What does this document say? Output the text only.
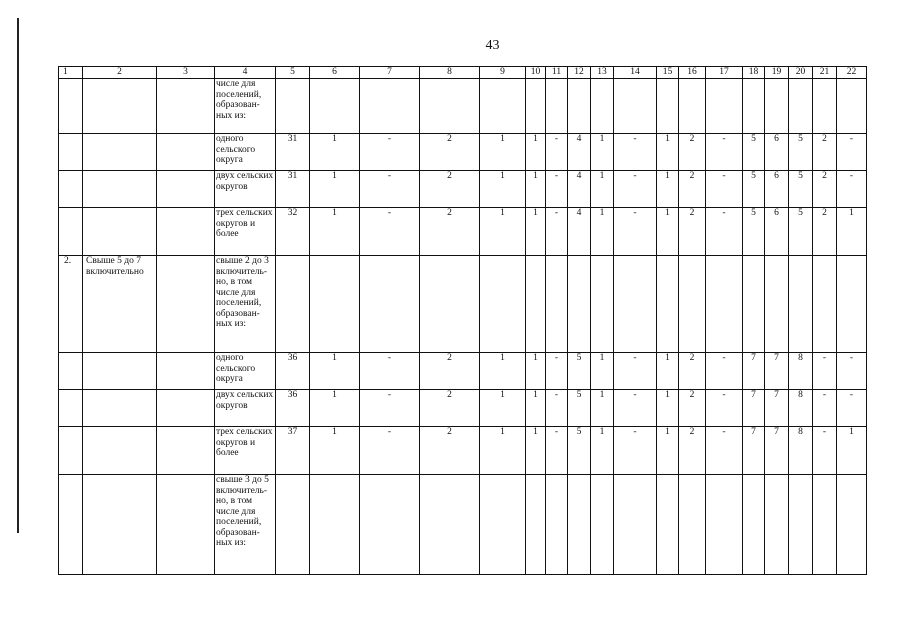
43
1	2	3	4	5	6	7	8	9	10	11	12	13	14	15	16	17	18	19	20	21	22
			числе для поселений, образован-ных из:																		
			одного сельского округа	31	1	-	2	1	1	-	4	1	-	1	2	-	5	6	5	2	-
			двух сельских округов	31	1	-	2	1	1	-	4	1	-	1	2	-	5	6	5	2	-
			трех сельских округов и более	32	1	-	2	1	1	-	4	1	-	1	2	-	5	6	5	2	1
2.	Свыше 5 до 7 включительно		свыше 2 до 3 включитель-но, в том числе для поселений, образован-ных из:																		
			одного сельского округа	36	1	-	2	1	1	-	5	1	-	1	2	-	7	7	8	-	-
			двух сельских округов	36	1	-	2	1	1	-	5	1	-	1	2	-	7	7	8	-	-
			трех сельских округов и более	37	1	-	2	1	1	-	5	1	-	1	2	-	7	7	8	-	1
			свыше 3 до 5 включитель-но, в том числе для поселений, образован-ных из:																		
